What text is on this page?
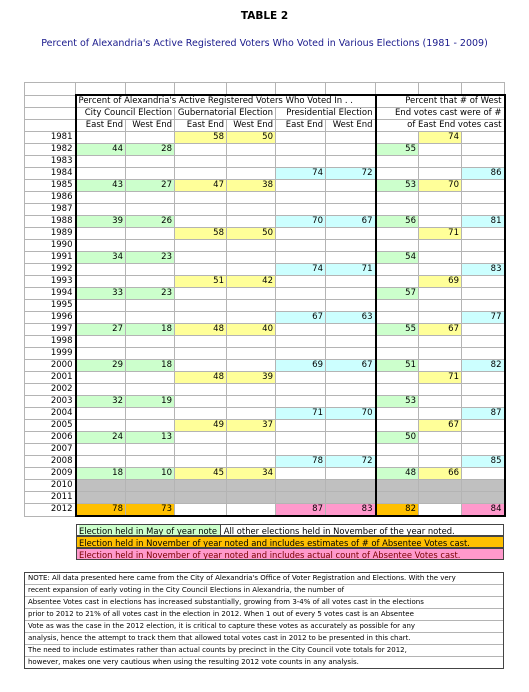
TABLE 2
Percent of Alexandria's Active Registered Voters Who Voted in Various Elections (1981 - 2009)

	Percent of Alexandria's Active Registered Voters Who Voted In . .						Percent that # of West		
	City Council Election		Gubernatorial Election		Presidential Election		End votes cast were of #		
	East End	West End	East End	West End	East End	West End	of East End votes cast		
1981			58	50				74	
1982	44	28					55		
1983									
1984					74	72			86
1985	43	27	47	38			53	70	
1986									
1987									
1988	39	26			70	67	56		81
1989			58	50				71	
1990									
1991	34	23					54		
1992					74	71			83
1993			51	42				69	
1994	33	23					57		
1995									
1996					67	63			77
1997	27	18	48	40			55	67	
1998									
1999									
2000	29	18			69	67	51		82
2001			48	39				71	
2002									
2003	32	19					53		
2004					71	70			87
2005			49	37				67	
2006	24	13					50		
2007									
2008					78	72			85
2009	18	10	45	34			48	66	
2010									
2011									
2012	78	73			87	83	82		84
Election held in May of year note All other elections held in November of the year noted.
Election held in November of year noted and includes estimates of # of Absentee Votes cast.
Election held in November of year noted and includes actual count of Absentee Votes cast.
NOTE: All data presented here came from the City of Alexandria's Office of Voter Registration and Elections. With the very
recent expansion of early voting in the City Council Elections in Alexandria, the number of
Absentee Votes cast in elections has increased substantially, growing from 3-4% of all votes cast in the elections
prior to 2012 to 21% of all votes cast in the election in 2012. When 1 out of every 5 votes cast is an Absentee
Vote as was the case in the 2012 election, it is critical to capture these votes as accurately as possible for any
analysis, hence the attempt to track them that allowed total votes cast in 2012 to be presented in this chart.
The need to include estimates rather than actual counts by precinct in the City Council vote totals for 2012,
however, makes one very cautious when using the resulting 2012 vote counts in any analysis.
